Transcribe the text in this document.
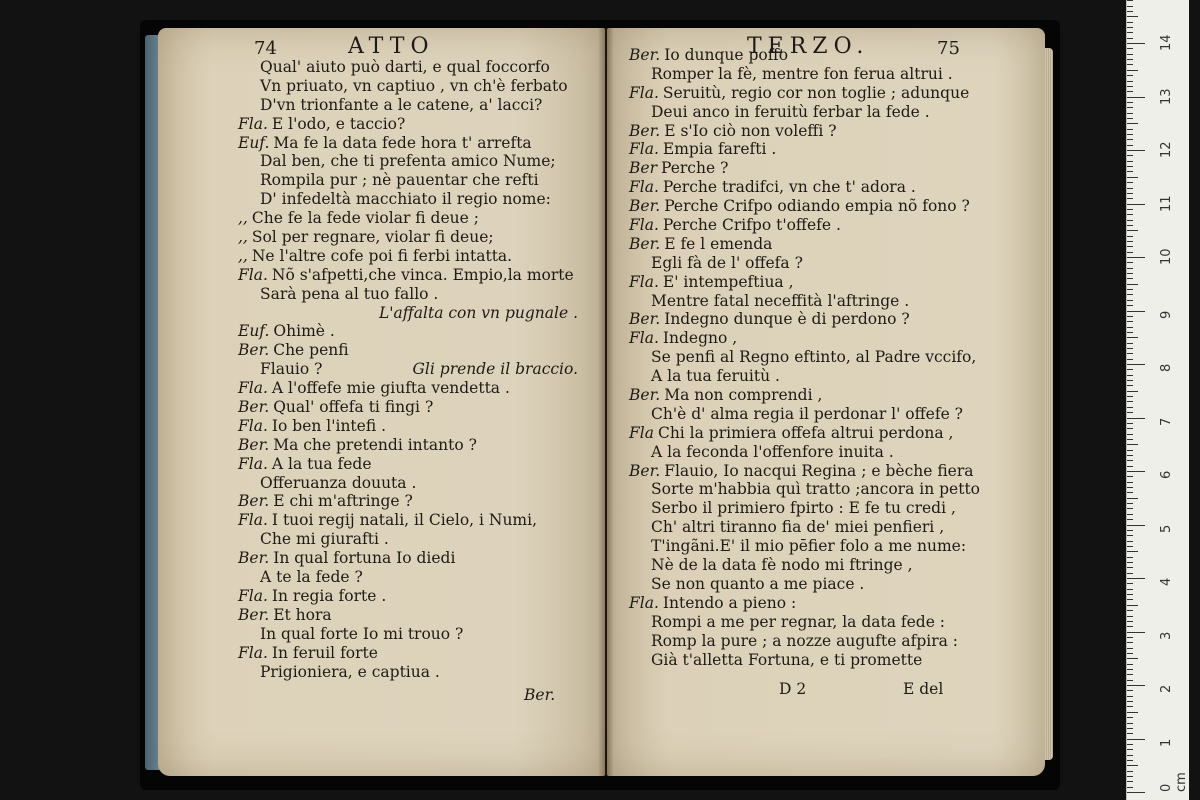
74	ATTO
Qual' aiuto può darti, e qual foccorfo
Vn priuato, vn captiuo , vn ch'è ferbato
D'vn trionfante a le catene, a' lacci?
Fla. E l'odo, e taccio?
Euf. Ma fe la data fede hora t' arrefta
Dal ben, che ti prefenta amico Nume;
Rompila pur ; nè pauentar che refti
D' infedeltà macchiato il regio nome:
,, Che fe la fede violar fi deue ;
,, Sol per regnare, violar fi deue;
,, Ne l'altre cofe poi fi ferbi intatta.
Fla. Nõ s'afpetti,che vinca. Empio,la morte
Sarà pena al tuo fallo .
L'affalta con vn pugnale .
Euf. Ohimè .
Ber. Che penfi
Flauio ?	Gli prende il braccio.
Fla. A l'offefe mie giufta vendetta .
Ber. Qual' offefa ti fingi ?
Fla. Io ben l'intefi .
Ber. Ma che pretendi intanto ?
Fla. A la tua fede
Offeruanza douuta .
Ber. E chi m'aftringe ?
Fla. I tuoi regij natali, il Cielo, i Numi,
Che mi giurafti .
Ber. In qual fortuna Io diedi
A te la fede ?
Fla. In regia forte .
Ber. Et hora
In qual forte Io mi trouo ?
Fla. In feruil forte
Prigioniera, e captiua .
Ber.
TERZO.	75
Ber. Io dunque poffo
Romper la fè, mentre fon ferua altrui .
Fla. Seruitù, regio cor non toglie ; adunque
Deui anco in feruitù ferbar la fede .
Ber. E s'Io ciò non voleffi ?
Fla. Empia farefti .
Ber Perche ?
Fla. Perche tradifci, vn che t' adora .
Ber. Perche Crifpo odiando empia nõ fono ?
Fla. Perche Crifpo t'offefe .
Ber. E fe l emenda
Egli fà de l' offefa ?
Fla. E' intempeftiua ,
Mentre fatal neceffità l'aftringe .
Ber. Indegno dunque è di perdono ?
Fla. Indegno ,
Se penfi al Regno eftinto, al Padre vccifo,
A la tua feruitù .
Ber. Ma non comprendi ,
Ch'è d' alma regia il perdonar l' offefe ?
Fla Chi la primiera offefa altrui perdona ,
A la feconda l'offenfore inuita .
Ber. Flauio, Io nacqui Regina ; e bèche fiera
Sorte m'habbia quì tratto ;ancora in petto
Serbo il primiero fpirto : E fe tu credi ,
Ch' altri tiranno fia de' miei penfieri ,
T'ingãni.E' il mio pēfier folo a me nume:
Nè de la data fè nodo mi ftringe ,
Se non quanto a me piace .
Fla. Intendo a pieno :
Rompi a me per regnar, la data fede :
Romp la pure ; a nozze augufte afpira :
Già t'alletta Fortuna, e ti promette
D 2	E del
0 cm
1
2
3
4
5
6
7
8
9
10
11
12
13
14
